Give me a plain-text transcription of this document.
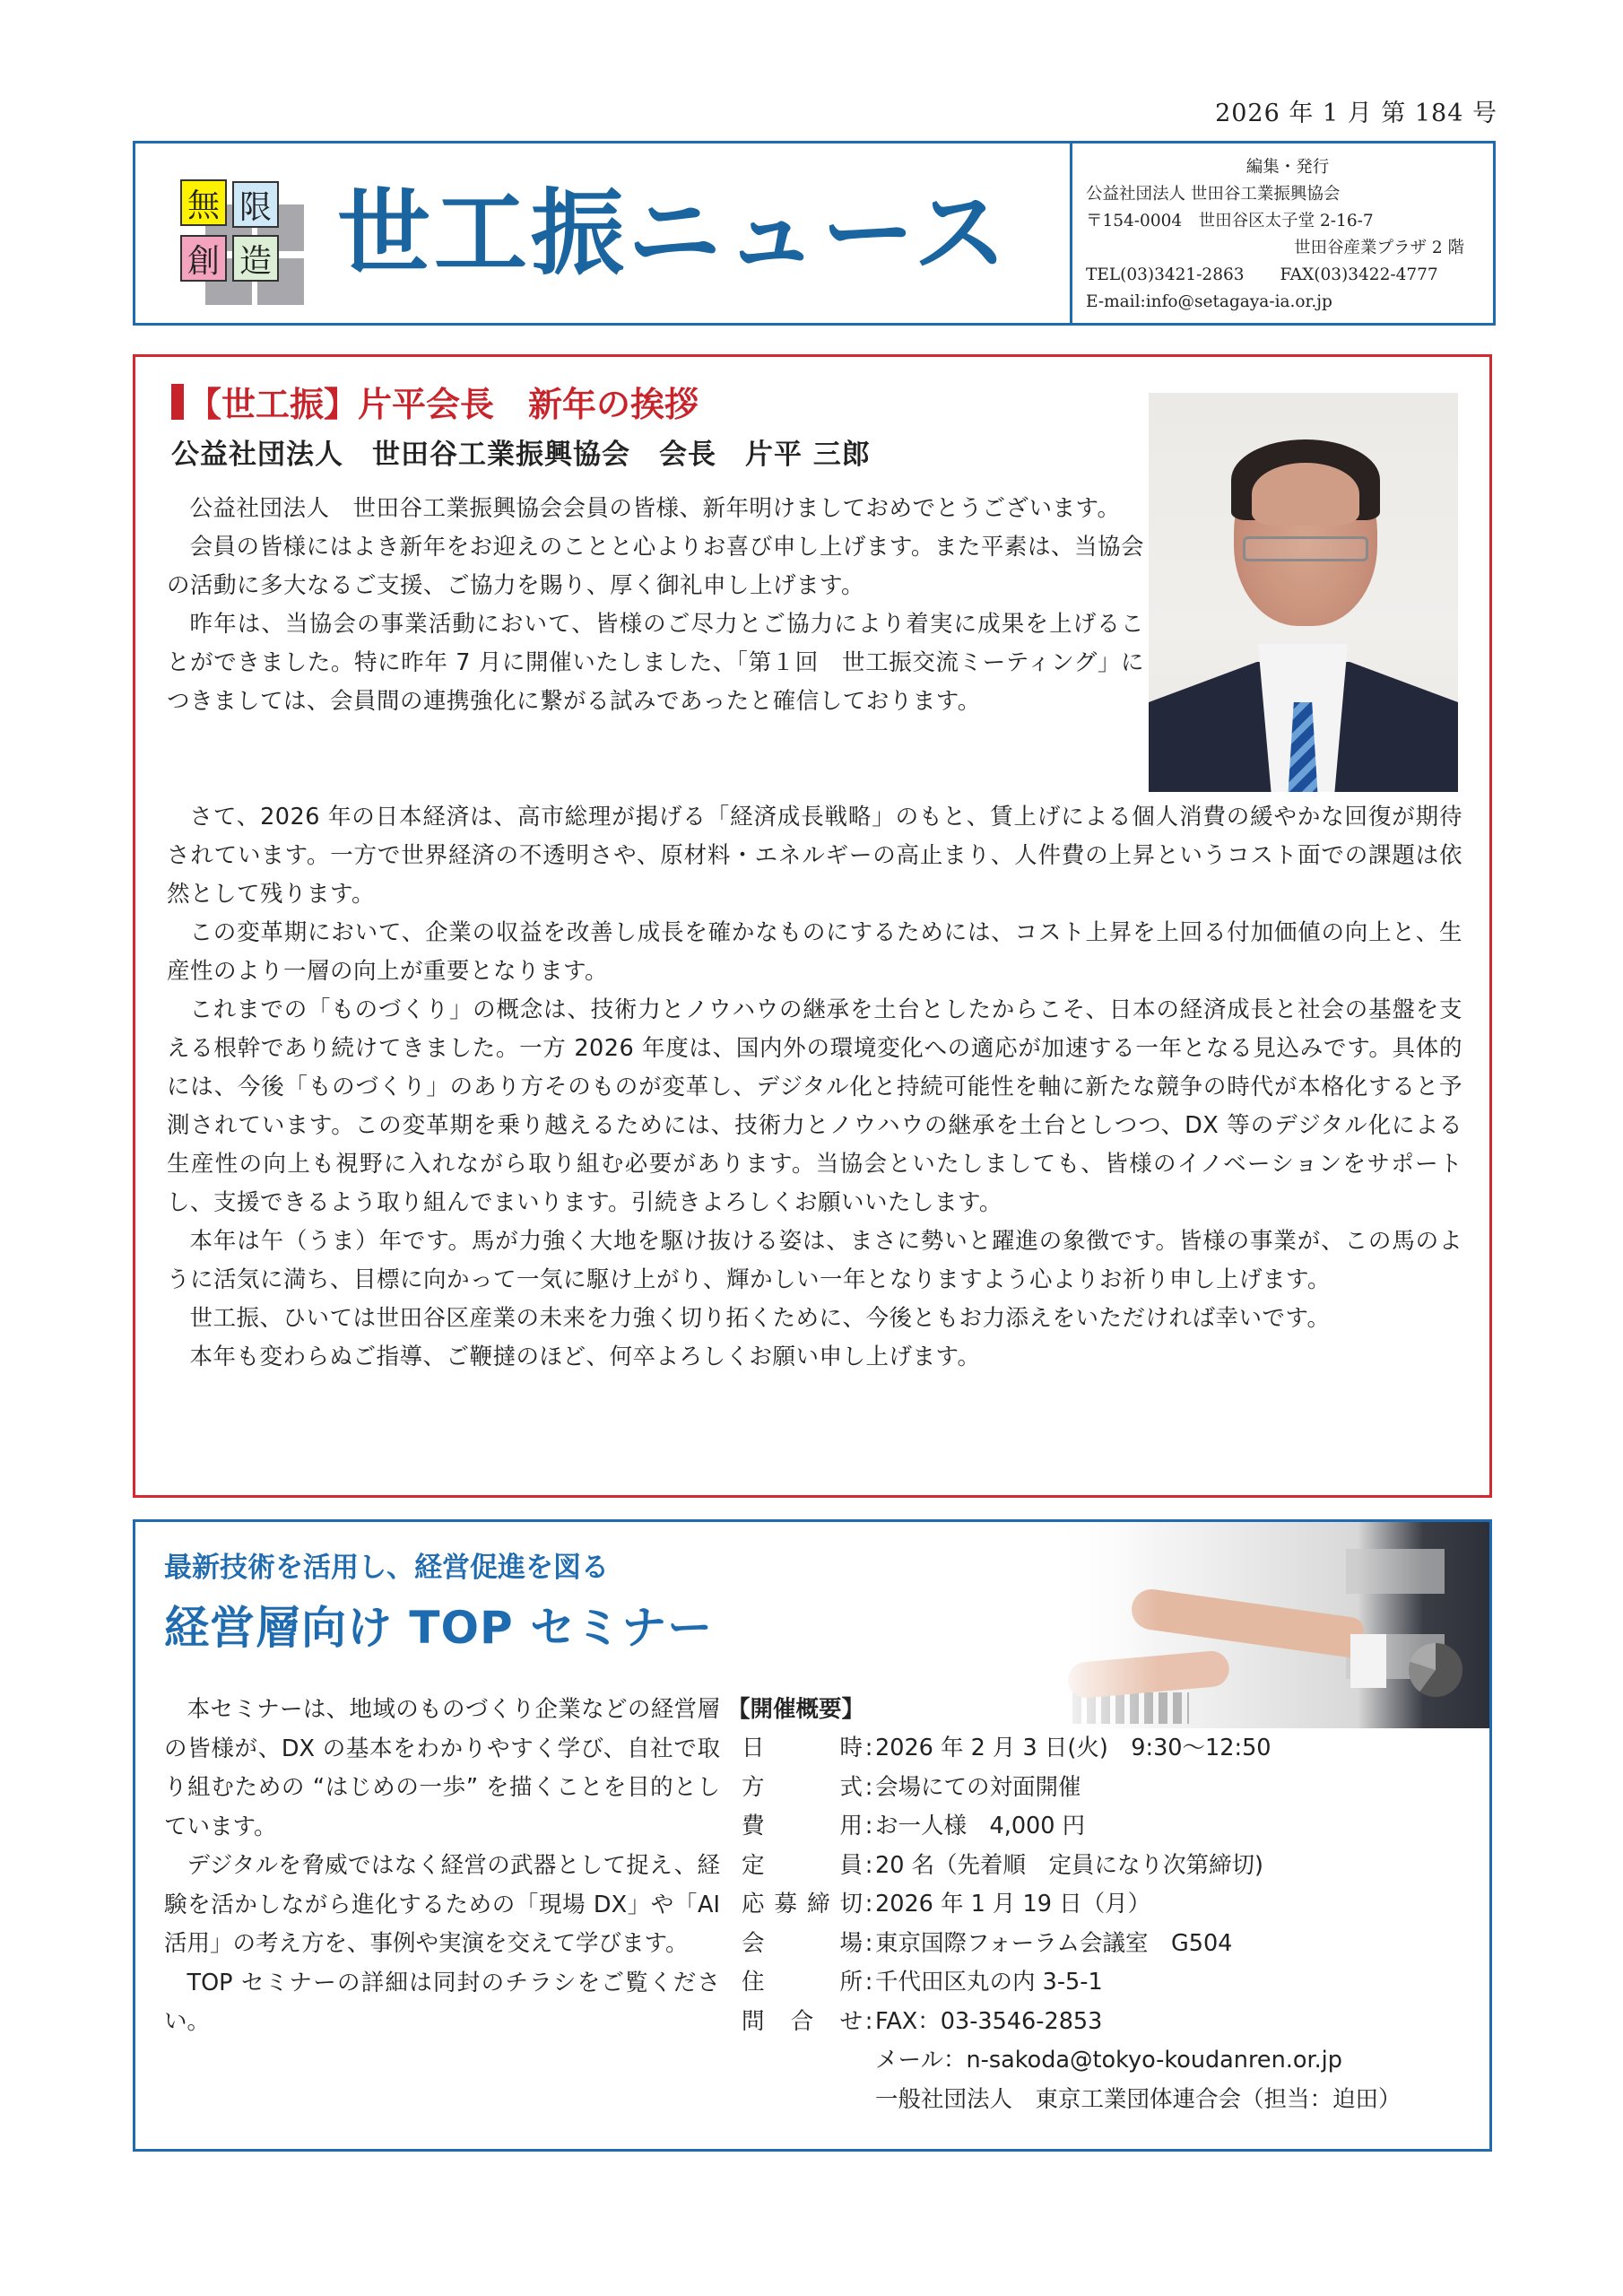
2026 年 1 月 第 184 号
無 限
創 造 世工振ニュース
編集・発行
公益社団法人 世田谷工業振興協会
〒154-0004　世田谷区太子堂 2-16-7
世田谷産業プラザ 2 階
TEL(03)3421-2863 FAX(03)3422-4777
E-mail:info@setagaya-ia.or.jp
【世工振】片平会長　新年の挨拶
公益社団法人　世田谷工業振興協会　会長　片平 三郎

公益社団法人　世田谷工業振興協会会員の皆様、新年明けましておめでとうございます。

会員の皆様にはよき新年をお迎えのことと心よりお喜び申し上げます。また平素は、当協会の活動に多大なるご支援、ご協力を賜り、厚く御礼申し上げます。

昨年は、当協会の事業活動において、皆様のご尽力とご協力により着実に成果を上げることができました。特に昨年 7 月に開催いたしました、「第１回　世工振交流ミーティング」につきましては、会員間の連携強化に繋がる試みであったと確信しております。

さて、2026 年の日本経済は、高市総理が掲げる「経済成長戦略」のもと、賃上げによる個人消費の緩やかな回復が期待されています。一方で世界経済の不透明さや、原材料・エネルギーの高止まり、人件費の上昇というコスト面での課題は依然として残ります。

この変革期において、企業の収益を改善し成長を確かなものにするためには、コスト上昇を上回る付加価値の向上と、生産性のより一層の向上が重要となります。

これまでの「ものづくり」の概念は、技術力とノウハウの継承を土台としたからこそ、日本の経済成長と社会の基盤を支える根幹であり続けてきました。一方 2026 年度は、国内外の環境変化への適応が加速する一年となる見込みです。具体的には、今後「ものづくり」のあり方そのものが変革し、デジタル化と持続可能性を軸に新たな競争の時代が本格化すると予測されています。この変革期を乗り越えるためには、技術力とノウハウの継承を土台としつつ、DX 等のデジタル化による生産性の向上も視野に入れながら取り組む必要があります。当協会といたしましても、皆様のイノベーションをサポートし、支援できるよう取り組んでまいります。引続きよろしくお願いいたします。

本年は午（うま）年です。馬が力強く大地を駆け抜ける姿は、まさに勢いと躍進の象徴です。皆様の事業が、この馬のように活気に満ち、目標に向かって一気に駆け上がり、輝かしい一年となりますよう心よりお祈り申し上げます。

世工振、ひいては世田谷区産業の未来を力強く切り拓くために、今後ともお力添えをいただければ幸いです。

本年も変わらぬご指導、ご鞭撻のほど、何卒よろしくお願い申し上げます。

最新技術を活用し、経営促進を図る
経営層向け TOP セミナー

本セミナーは、地域のものづくり企業などの経営層の皆様が、DX の基本をわかりやすく学び、自社で取り組むための “はじめの一歩” を描くことを目的としています。

デジタルを脅威ではなく経営の武器として捉え、経験を活かしながら進化するための「現場 DX」や「AI 活用」の考え方を、事例や実演を交えて学びます。

TOP セミナーの詳細は同封のチラシをご覧ください。

【開催概要】
日	時 : 2026 年 2 月 3 日(火)　9:30～12:50
方	式 : 会場にての対面開催
費	用 : お一人様　4,000 円
定	員 : 20 名（先着順　定員になり次第締切)
応 募 締 切 : 2026 年 1 月 19 日（月）
会	場 : 東京国際フォーラム会議室　G504
住	所 : 千代田区丸の内 3-5-1
問 合 せ : FAX：03-3546-2853
メール：n-sakoda@tokyo-koudanren.or.jp
一般社団法人　東京工業団体連合会（担当：迫田）
